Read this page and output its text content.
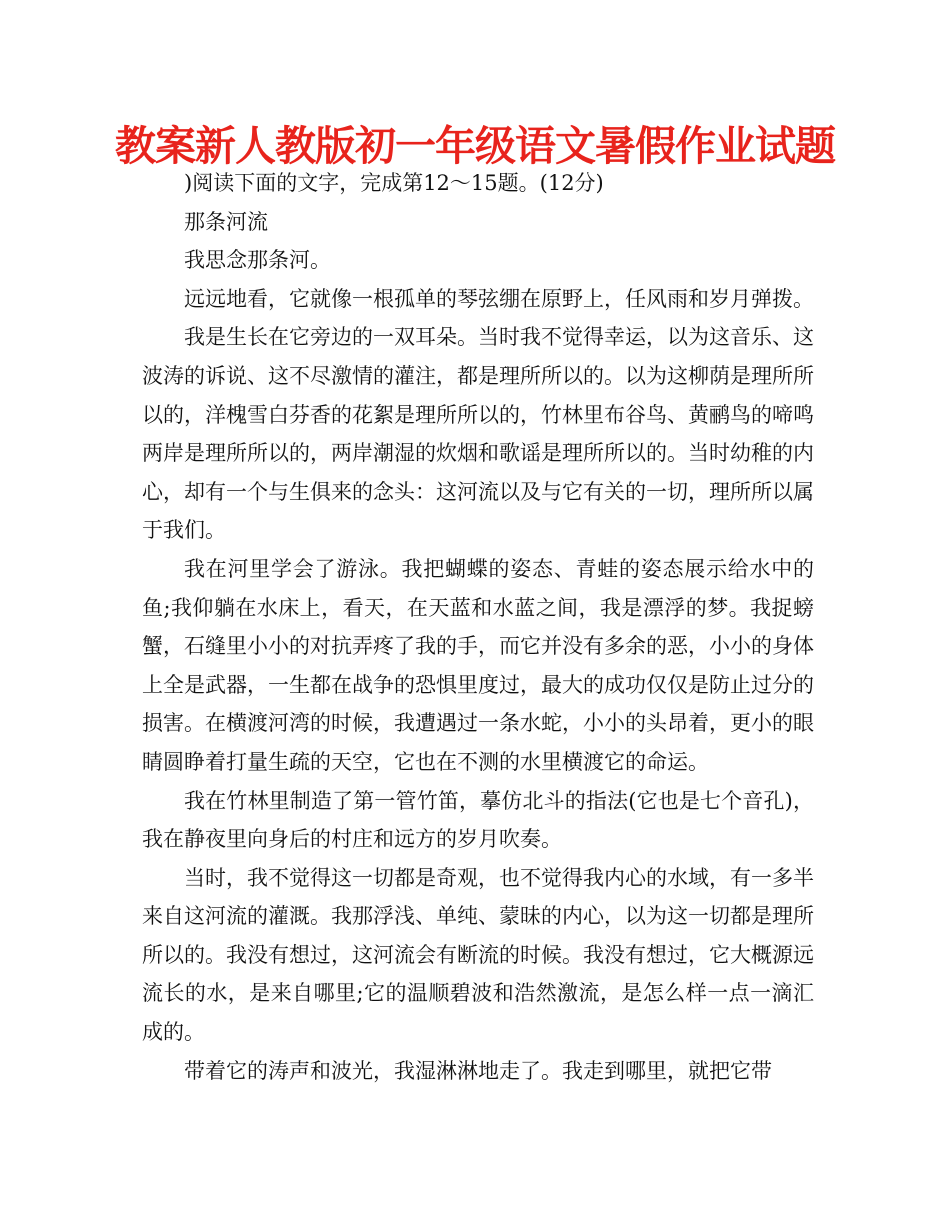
教案新人教版初一年级语文暑假作业试题

)阅读下面的文字，完成第12～15题。(12分)

那条河流

我思念那条河。

远远地看，它就像一根孤单的琴弦绷在原野上，任风雨和岁月弹拨。

我是生长在它旁边的一双耳朵。当时我不觉得幸运，以为这音乐、这波涛的诉说、这不尽激情的灌注，都是理所所以的。以为这柳荫是理所所以的，洋槐雪白芬香的花絮是理所所以的，竹林里布谷鸟、黄鹂鸟的啼鸣两岸是理所所以的，两岸潮湿的炊烟和歌谣是理所所以的。当时幼稚的内心，却有一个与生俱来的念头：这河流以及与它有关的一切，理所所以属于我们。

我在河里学会了游泳。我把蝴蝶的姿态、青蛙的姿态展示给水中的鱼;我仰躺在水床上，看天，在天蓝和水蓝之间，我是漂浮的梦。我捉螃蟹，石缝里小小的对抗弄疼了我的手，而它并没有多余的恶，小小的身体上全是武器，一生都在战争的恐惧里度过，最大的成功仅仅是防止过分的损害。在横渡河湾的时候，我遭遇过一条水蛇，小小的头昂着，更小的眼睛圆睁着打量生疏的天空，它也在不测的水里横渡它的命运。

我在竹林里制造了第一管竹笛，摹仿北斗的指法(它也是七个音孔)，我在静夜里向身后的村庄和远方的岁月吹奏。

当时，我不觉得这一切都是奇观，也不觉得我内心的水域，有一多半来自这河流的灌溉。我那浮浅、单纯、蒙昧的内心，以为这一切都是理所所以的。我没有想过，这河流会有断流的时候。我没有想过，它大概源远流长的水，是来自哪里;它的温顺碧波和浩然激流，是怎么样一点一滴汇成的。

带着它的涛声和波光，我湿淋淋地走了。我走到哪里，就把它带
